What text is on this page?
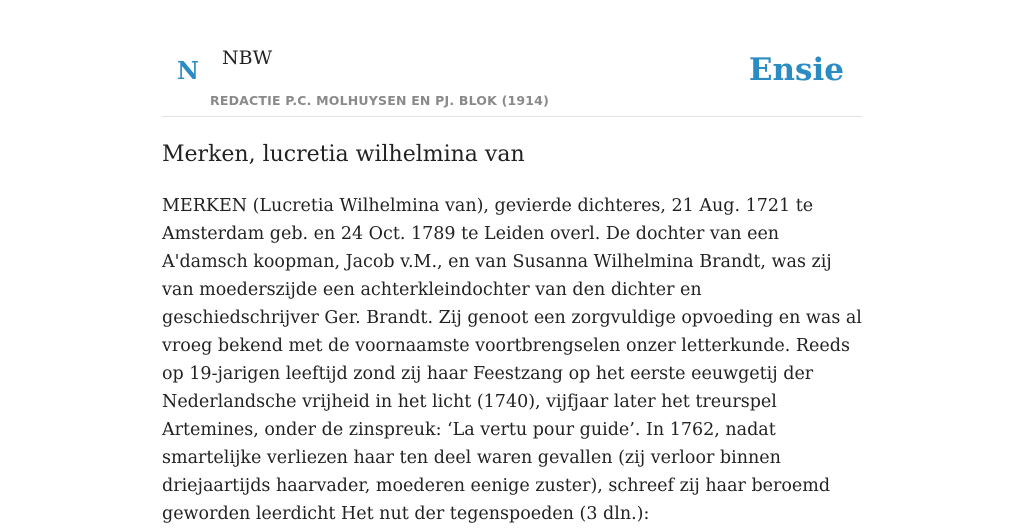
N NBW
REDACTIE P.C. MOLHUYSEN EN PJ. BLOK (1914)
Ensie
Merken, lucretia wilhelmina van

MERKEN (Lucretia Wilhelmina van), gevierde dichteres, 21 Aug. 1721 te Amsterdam geb. en 24 Oct. 1789 te Leiden overl. De dochter van een A'damsch koopman, Jacob v.M., en van Susanna Wilhelmina Brandt, was zij van moederszijde een achterkleindochter van den dichter en geschiedschrijver Ger. Brandt. Zij genoot een zorgvuldige opvoeding en was al vroeg bekend met de voornaamste voortbrengselen onzer letterkunde. Reeds op 19-jarigen leeftijd zond zij haar Feestzang op het eerste eeuwgetij der Nederlandsche vrijheid in het licht (1740), vijfjaar later het treurspel Artemines, onder de zinspreuk: ‘La vertu pour guide’. In 1762, nadat smartelijke verliezen haar ten deel waren gevallen (zij verloor binnen driejaartijds haarvader, moederen eenige zuster), schreef zij haar beroemd geworden leerdicht Het nut der tegenspoeden (3 dln.):
